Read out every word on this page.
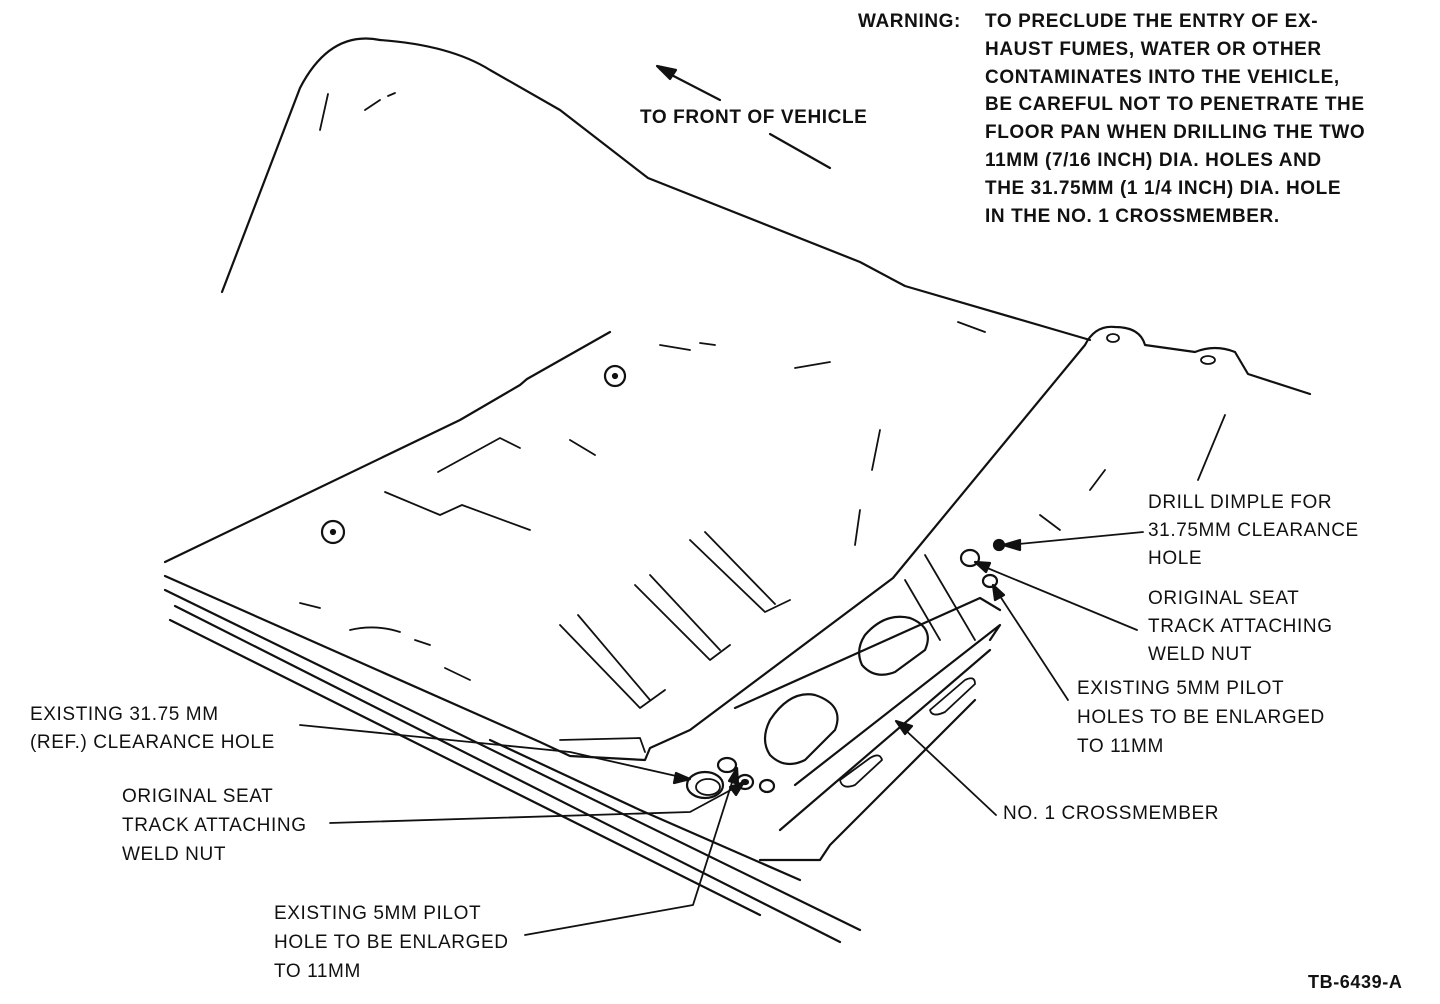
WARNING: TO PRECLUDE THE ENTRY OF EX-
HAUST FUMES, WATER OR OTHER
CONTAMINATES INTO THE VEHICLE,
BE CAREFUL NOT TO PENETRATE THE
FLOOR PAN WHEN DRILLING THE TWO
11MM (7/16 INCH) DIA. HOLES AND
THE 31.75MM (1 1/4 INCH) DIA. HOLE
IN THE NO. 1 CROSSMEMBER.
TO FRONT OF VEHICLE
DRILL DIMPLE FOR
31.75MM CLEARANCE
HOLE
ORIGINAL SEAT
TRACK ATTACHING
WELD NUT
EXISTING 5MM PILOT
HOLES TO BE ENLARGED
TO 11MM
NO. 1 CROSSMEMBER
EXISTING 31.75 MM
(REF.) CLEARANCE HOLE
ORIGINAL SEAT
TRACK ATTACHING
WELD NUT
EXISTING 5MM PILOT
HOLE TO BE ENLARGED
TO 11MM	TB-6439-A
